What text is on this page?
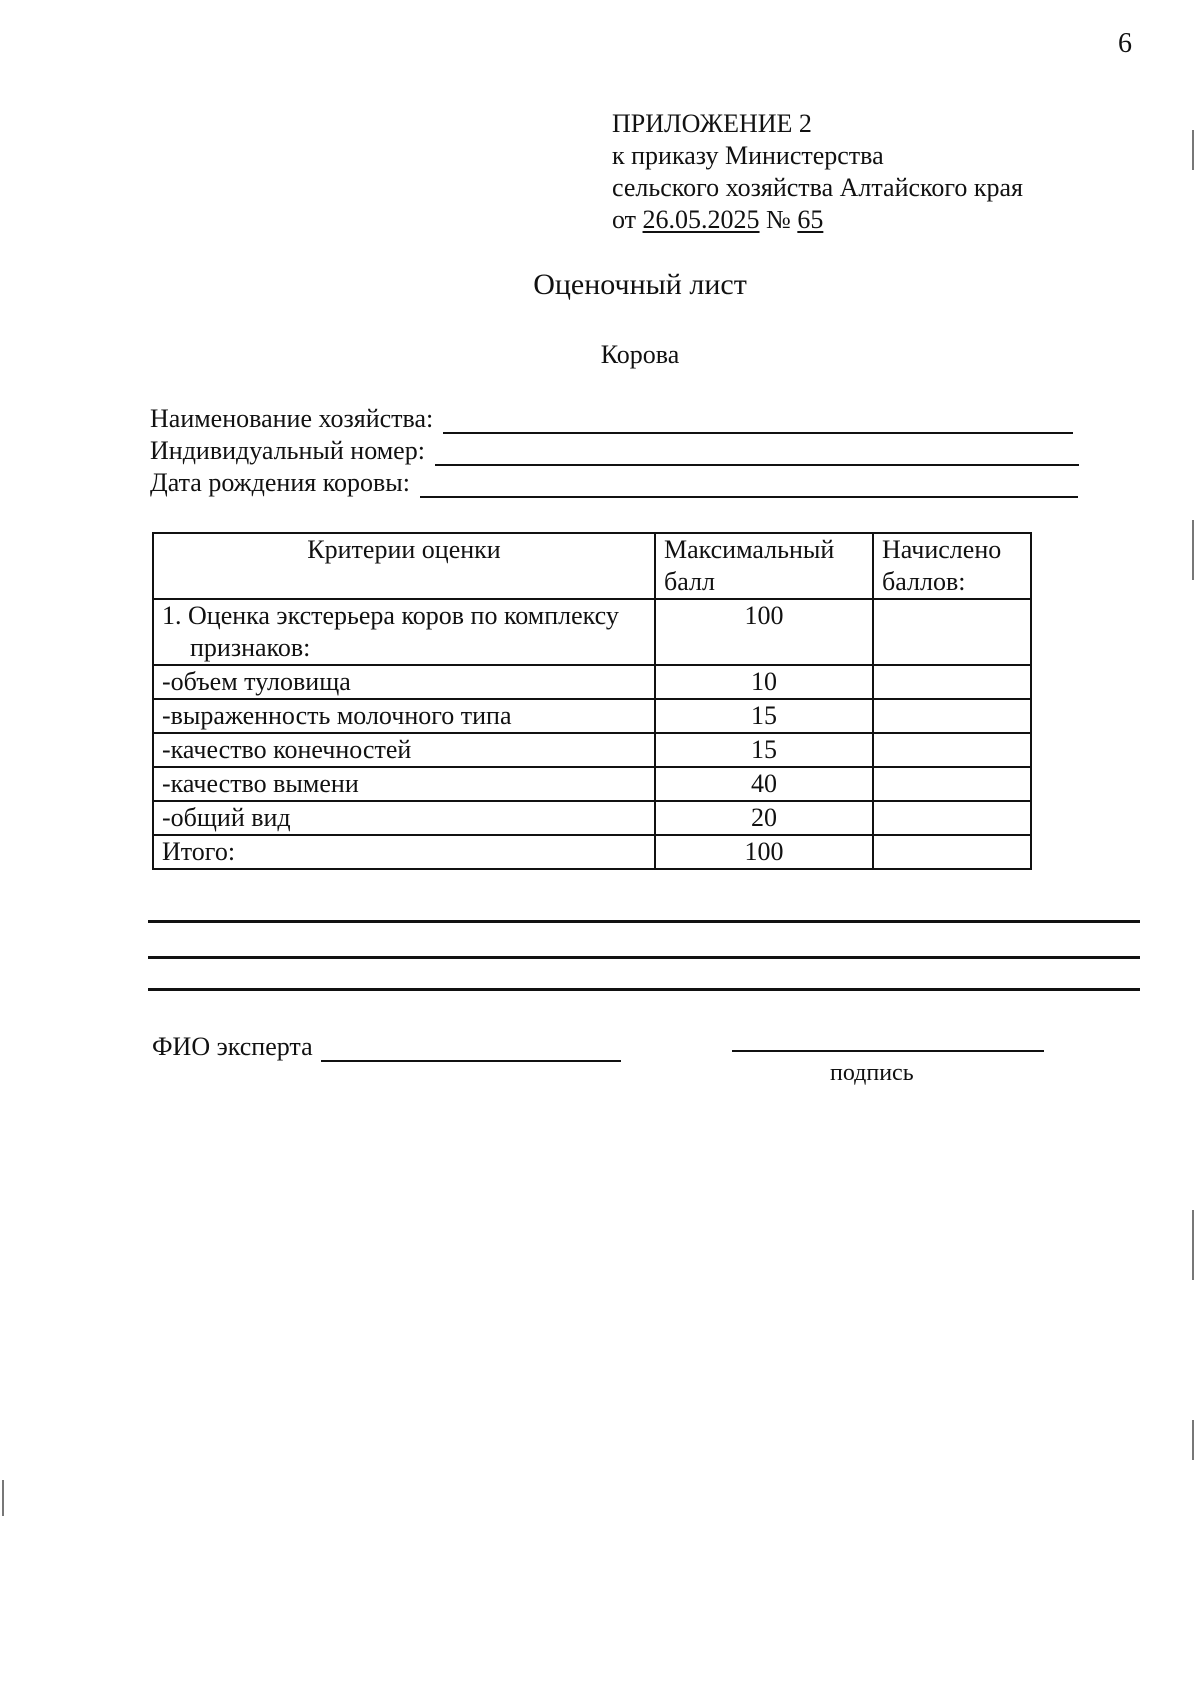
6
ПРИЛОЖЕНИЕ 2
к приказу Министерства
сельского хозяйства Алтайского края
от 26.05.2025 № 65
Оценочный лист
Корова
Наименование хозяйства:
Индивидуальный номер:
Дата рождения коровы:
Критерии оценки	Максимальный балл	Начислено баллов:
1. Оценка экстерьера коров по комплексу признаков:	100	
-объем туловища	10	
-выраженность молочного типа	15	
-качество конечностей	15	
-качество вымени	40	
-общий вид	20	
Итого:	100	
ФИО эксперта
подпись
